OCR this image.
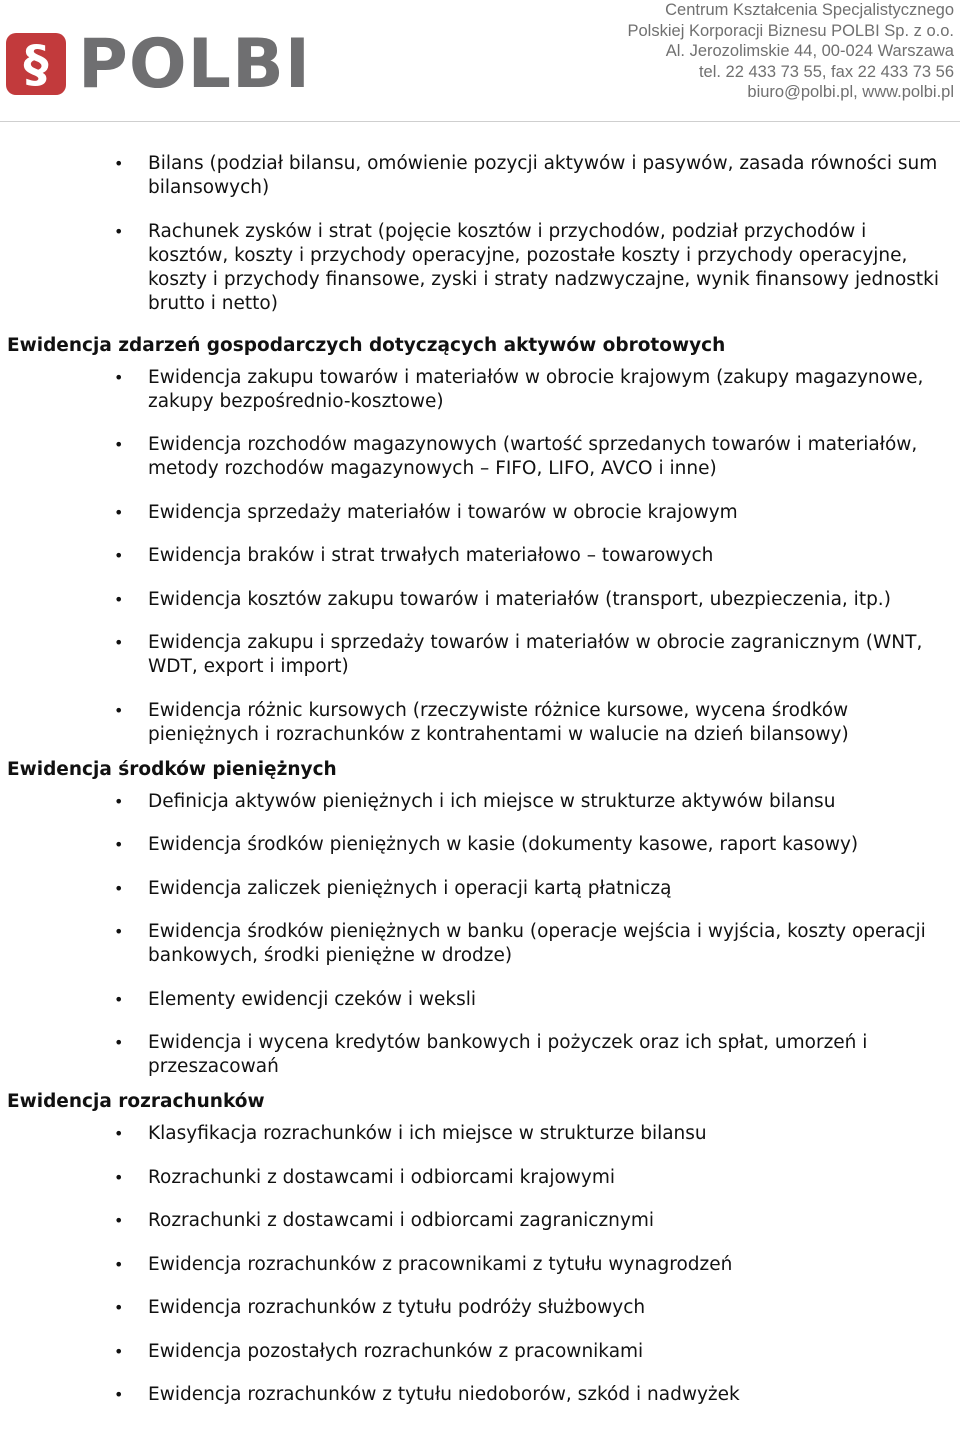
§ POLBI
Centrum Kształcenia Specjalistycznego
Polskiej Korporacji Biznesu POLBI Sp. z o.o.
Al. Jerozolimskie 44, 00-024 Warszawa
tel. 22 433 73 55, fax 22 433 73 56
biuro@polbi.pl, www.polbi.pl
• Bilans (podział bilansu, omówienie pozycji aktywów i pasywów, zasada równości sum bilansowych)
• Rachunek zysków i strat (pojęcie kosztów i przychodów, podział przychodów i kosztów, koszty i przychody operacyjne, pozostałe koszty i przychody operacyjne, koszty i przychody finansowe, zyski i straty nadzwyczajne, wynik finansowy jednostki brutto i netto)
Ewidencja zdarzeń gospodarczych dotyczących aktywów obrotowych
• Ewidencja zakupu towarów i materiałów w obrocie krajowym (zakupy magazynowe, zakupy bezpośrednio-kosztowe)
• Ewidencja rozchodów magazynowych (wartość sprzedanych towarów i materiałów, metody rozchodów magazynowych – FIFO, LIFO, AVCO i inne)
• Ewidencja sprzedaży materiałów i towarów w obrocie krajowym
• Ewidencja braków i strat trwałych materiałowo – towarowych
• Ewidencja kosztów zakupu towarów i materiałów (transport, ubezpieczenia, itp.)
• Ewidencja zakupu i sprzedaży towarów i materiałów w obrocie zagranicznym (WNT, WDT, export i import)
• Ewidencja różnic kursowych (rzeczywiste różnice kursowe, wycena środków pieniężnych i rozrachunków z kontrahentami w walucie na dzień bilansowy)
Ewidencja środków pieniężnych
• Definicja aktywów pieniężnych i ich miejsce w strukturze aktywów bilansu
• Ewidencja środków pieniężnych w kasie (dokumenty kasowe, raport kasowy)
• Ewidencja zaliczek pieniężnych i operacji kartą płatniczą
• Ewidencja środków pieniężnych w banku (operacje wejścia i wyjścia, koszty operacji bankowych, środki pieniężne w drodze)
• Elementy ewidencji czeków i weksli
• Ewidencja i wycena kredytów bankowych i pożyczek oraz ich spłat, umorzeń i przeszacowań
Ewidencja rozrachunków
• Klasyfikacja rozrachunków i ich miejsce w strukturze bilansu
• Rozrachunki z dostawcami i odbiorcami krajowymi
• Rozrachunki z dostawcami i odbiorcami zagranicznymi
• Ewidencja rozrachunków z pracownikami z tytułu wynagrodzeń
• Ewidencja rozrachunków z tytułu podróży służbowych
• Ewidencja pozostałych rozrachunków z pracownikami
• Ewidencja rozrachunków z tytułu niedoborów, szkód i nadwyżek
